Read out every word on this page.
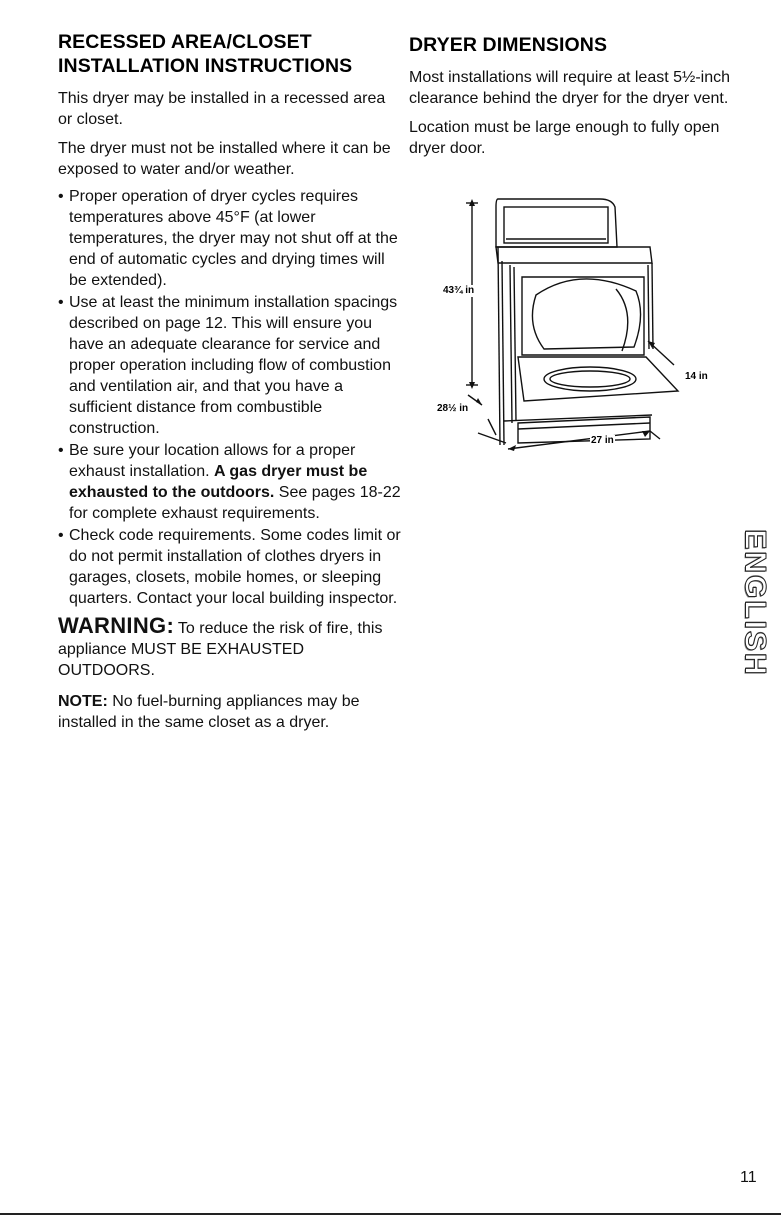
RECESSED AREA/CLOSET INSTALLATION INSTRUCTIONS

This dryer may be installed in a recessed area or closet.

The dryer must not be installed where it can be exposed to water and/or weather.

• Proper operation of dryer cycles requires temperatures above 45°F (at lower temperatures, the dryer may not shut off at the end of automatic cycles and drying times will be extended).
• Use at least the minimum installation spacings described on page 12. This will ensure you have an adequate clearance for service and proper operation including flow of combustion and ventilation air, and that you have a sufficient distance from combustible construction.
• Be sure your location allows for a proper exhaust installation. A gas dryer must be exhausted to the outdoors. See pages 18-22 for complete exhaust requirements.
• Check code requirements. Some codes limit or do not permit installation of clothes dryers in garages, closets, mobile homes, or sleeping quarters. Contact your local building inspector.
WARNING: To reduce the risk of fire, this appliance MUST BE EXHAUSTED OUTDOORS.

NOTE: No fuel-burning appliances may be installed in the same closet as a dryer.

DRYER DIMENSIONS

Most installations will require at least 5½-inch clearance behind the dryer for the dryer vent.

Location must be large enough to fully open dryer door.

43¾ in
28½ in
27 in
14 in
ENGLISH
11
